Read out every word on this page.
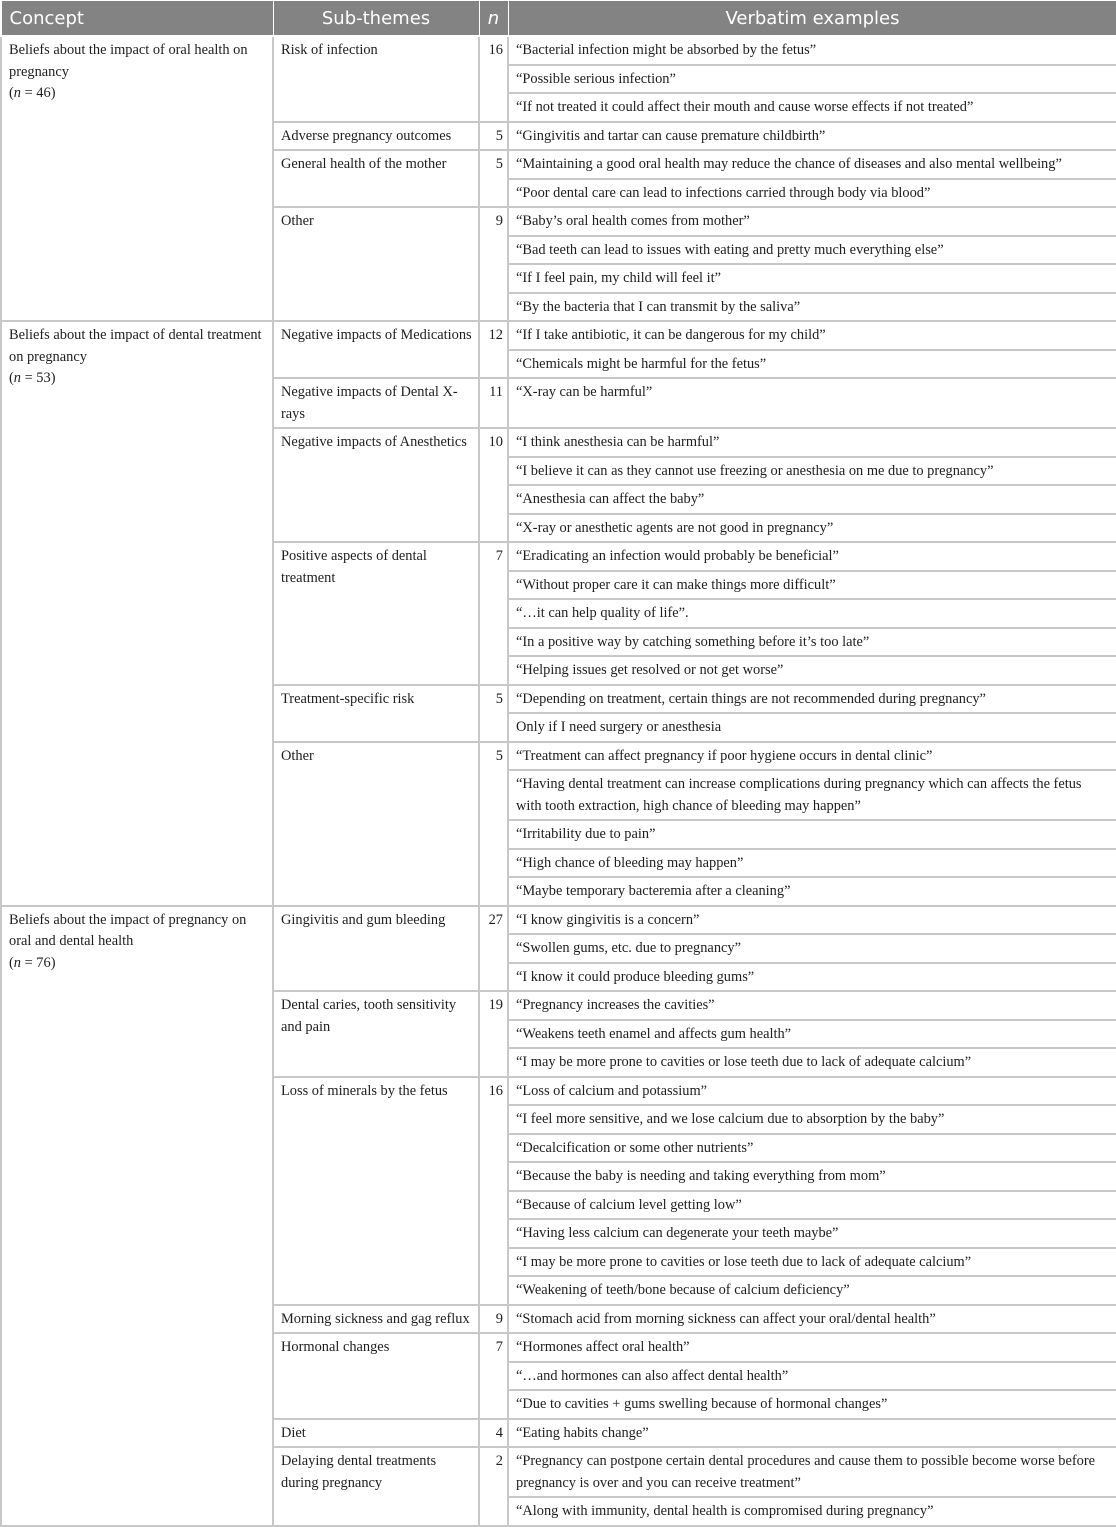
Concept	Sub-themes	n	Verbatim examples
Beliefs about the impact of oral health on pregnancy
(n = 46)	Risk of infection	16	“Bacterial infection might be absorbed by the fetus”
			“Possible serious infection”
			“If not treated it could affect their mouth and cause worse effects if not treated”
	Adverse pregnancy outcomes	5	“Gingivitis and tartar can cause premature childbirth”
	General health of the mother	5	“Maintaining a good oral health may reduce the chance of diseases and also mental wellbeing”
			“Poor dental care can lead to infections carried through body via blood”
	Other	9	“Baby’s oral health comes from mother”
			“Bad teeth can lead to issues with eating and pretty much everything else”
			“If I feel pain, my child will feel it”
			“By the bacteria that I can transmit by the saliva”
Beliefs about the impact of dental treatment on pregnancy
(n = 53)	Negative impacts of Medications	12	“If I take antibiotic, it can be dangerous for my child”
			“Chemicals might be harmful for the fetus”
	Negative impacts of Dental X-rays	11	“X-ray can be harmful”
	Negative impacts of Anesthetics	10	“I think anesthesia can be harmful”
			“I believe it can as they cannot use freezing or anesthesia on me due to pregnancy”
			“Anesthesia can affect the baby”
			“X-ray or anesthetic agents are not good in pregnancy”
	Positive aspects of dental treatment	7	“Eradicating an infection would probably be beneficial”
			“Without proper care it can make things more difficult”
			“…it can help quality of life”.
			“In a positive way by catching something before it’s too late”
			“Helping issues get resolved or not get worse”
	Treatment-specific risk	5	“Depending on treatment, certain things are not recommended during pregnancy”
			Only if I need surgery or anesthesia
	Other	5	“Treatment can affect pregnancy if poor hygiene occurs in dental clinic”
			“Having dental treatment can increase complications during pregnancy which can affects the fetus with tooth extraction, high chance of bleeding may happen”
			“Irritability due to pain”
			“High chance of bleeding may happen”
			“Maybe temporary bacteremia after a cleaning”
Beliefs about the impact of pregnancy on oral and dental health
(n = 76)	Gingivitis and gum bleeding	27	“I know gingivitis is a concern”
			“Swollen gums, etc. due to pregnancy”
			“I know it could produce bleeding gums”
	Dental caries, tooth sensitivity and pain	19	“Pregnancy increases the cavities”
			“Weakens teeth enamel and affects gum health”
			“I may be more prone to cavities or lose teeth due to lack of adequate calcium”
	Loss of minerals by the fetus	16	“Loss of calcium and potassium”
			“I feel more sensitive, and we lose calcium due to absorption by the baby”
			“Decalcification or some other nutrients”
			“Because the baby is needing and taking everything from mom”
			“Because of calcium level getting low”
			“Having less calcium can degenerate your teeth maybe”
			“I may be more prone to cavities or lose teeth due to lack of adequate calcium”
			“Weakening of teeth/bone because of calcium deficiency”
	Morning sickness and gag reflux	9	“Stomach acid from morning sickness can affect your oral/dental health”
	Hormonal changes	7	“Hormones affect oral health”
			“…and hormones can also affect dental health”
			“Due to cavities + gums swelling because of hormonal changes”
	Diet	4	“Eating habits change”
	Delaying dental treatments during pregnancy	2	“Pregnancy can postpone certain dental procedures and cause them to possible become worse before pregnancy is over and you can receive treatment”
			“Along with immunity, dental health is compromised during pregnancy”
